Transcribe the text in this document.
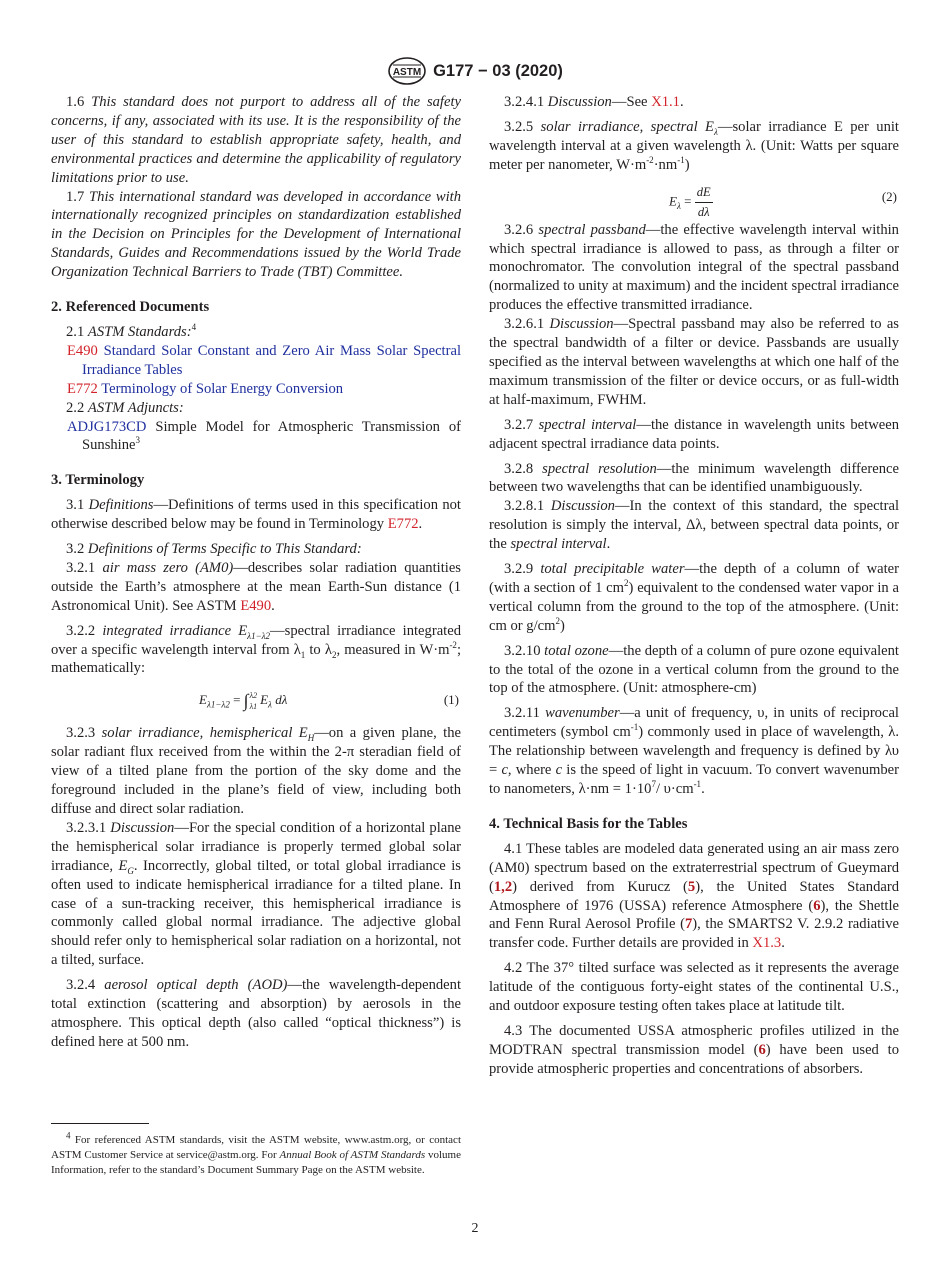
ASTM G177 − 03 (2020)

1.6 This standard does not purport to address all of the safety concerns, if any, associated with its use. It is the responsibility of the user of this standard to establish appropriate safety, health, and environmental practices and determine the applicability of regulatory limitations prior to use.

1.7 This international standard was developed in accordance with internationally recognized principles on standardization established in the Decision on Principles for the Development of International Standards, Guides and Recommendations issued by the World Trade Organization Technical Barriers to Trade (TBT) Committee.

2. Referenced Documents

2.1 ASTM Standards:$^4$

E490 Standard Solar Constant and Zero Air Mass Solar Spectral Irradiance Tables

E772 Terminology of Solar Energy Conversion

2.2 ASTM Adjuncts:

ADJG173CD Simple Model for Atmospheric Transmission of Sunshine$^3$

3. Terminology

3.1 Definitions—Definitions of terms used in this specification not otherwise described below may be found in Terminology E772.

3.2 Definitions of Terms Specific to This Standard:

3.2.1 air mass zero (AM0)—describes solar radiation quantities outside the Earth’s atmosphere at the mean Earth-Sun distance (1 Astronomical Unit). See ASTM E490.

3.2.2 integrated irradiance $E_{\lambda 1-\lambda 2}—spectral$ irradiance integrated over a specific wavelength interval from $\lambda_1$ to $\lambda_2$, measured in $W\cdot m^{-2}$; mathematically:

$E_{\lambda 1-\lambda 2}$ = ∫ λ2
λ1 $E_\lambda$ dλ	(1)

3.2.3 solar irradiance, hemispherical $E_H—on$ a given plane, the solar radiant flux received from the within the 2-π steradian field of view of a tilted plane from the portion of the sky dome and the foreground included in the plane’s field of view, including both diffuse and direct solar radiation.

3.2.3.1 Discussion—For the special condition of a horizontal plane the hemispherical solar irradiance is properly termed global solar irradiance, $E_G$. Incorrectly, global tilted, or total global irradiance is often used to indicate hemispherical irradiance for a tilted plane. In case of a sun-tracking receiver, this hemispherical irradiance is commonly called global normal irradiance. The adjective global should refer only to hemispherical solar radiation on a horizontal, not a tilted, surface.

3.2.4 aerosol optical depth (AOD)—the wavelength-dependent total extinction (scattering and absorption) by aerosols in the atmosphere. This optical depth (also called “optical thickness”) is defined here at 500 nm.

$^4$ For referenced ASTM standards, visit the ASTM website, www.astm.org, or contact ASTM Customer Service at service@astm.org. For Annual Book of ASTM Standards volume Information, refer to the standard’s Document Summary Page on the ASTM website.

3.2.4.1 Discussion—See X1.1.

3.2.5 solar irradiance, spectral $E_\lambda—solar$ irradiance E per unit wavelength interval at a given wavelength λ. (Unit: Watts per square meter per nanometer, $W\cdot m^{-2}\cdot nm^{-1}$)

$E_\lambda = \frac{dE}{d\lambda}$	(2)

3.2.6 spectral passband—the effective wavelength interval within which spectral irradiance is allowed to pass, as through a filter or monochromator. The convolution integral of the spectral passband (normalized to unity at maximum) and the incident spectral irradiance produces the effective transmitted irradiance.

3.2.6.1 Discussion—Spectral passband may also be referred to as the spectral bandwidth of a filter or device. Passbands are usually specified as the interval between wavelengths at which one half of the maximum transmission of the filter or device occurs, or as full-width at half-maximum, FWHM.

3.2.7 spectral interval—the distance in wavelength units between adjacent spectral irradiance data points.

3.2.8 spectral resolution—the minimum wavelength difference between two wavelengths that can be identified unambiguously.

3.2.8.1 Discussion—In the context of this standard, the spectral resolution is simply the interval, Δλ, between spectral data points, or the spectral interval.

3.2.9 total precipitable water—the depth of a column of water (with a section of 1 $cm^2$) equivalent to the condensed water vapor in a vertical column from the ground to the top of the atmosphere. (Unit: cm or $g/cm^2$)

3.2.10 total ozone—the depth of a column of pure ozone equivalent to the total of the ozone in a vertical column from the ground to the top of the atmosphere. (Unit: atmosphere-cm)

3.2.11 wavenumber—a unit of frequency, υ, in units of reciprocal centimeters (symbol $cm^{-1}$) commonly used in place of wavelength, λ. The relationship between wavelength and frequency is defined by λυ = c, where c is the speed of light in vacuum. To convert wavenumber to nanometers, $\lambda\cdot nm = 1\cdot 10^7/$ $\upsilon\cdot cm^{-1}$.

4. Technical Basis for the Tables

4.1 These tables are modeled data generated using an air mass zero (AM0) spectrum based on the extraterrestrial spectrum of Gueymard (1,2) derived from Kurucz (5), the United States Standard Atmosphere of 1976 (USSA) reference Atmosphere (6), the Shettle and Fenn Rural Aerosol Profile (7), the SMARTS2 V. 2.9.2 radiative transfer code. Further details are provided in X1.3.

4.2 The 37° tilted surface was selected as it represents the average latitude of the contiguous forty-eight states of the continental U.S., and outdoor exposure testing often takes place at latitude tilt.

4.3 The documented USSA atmospheric profiles utilized in the MODTRAN spectral transmission model (6) have been used to provide atmospheric properties and concentrations of absorbers.

2
